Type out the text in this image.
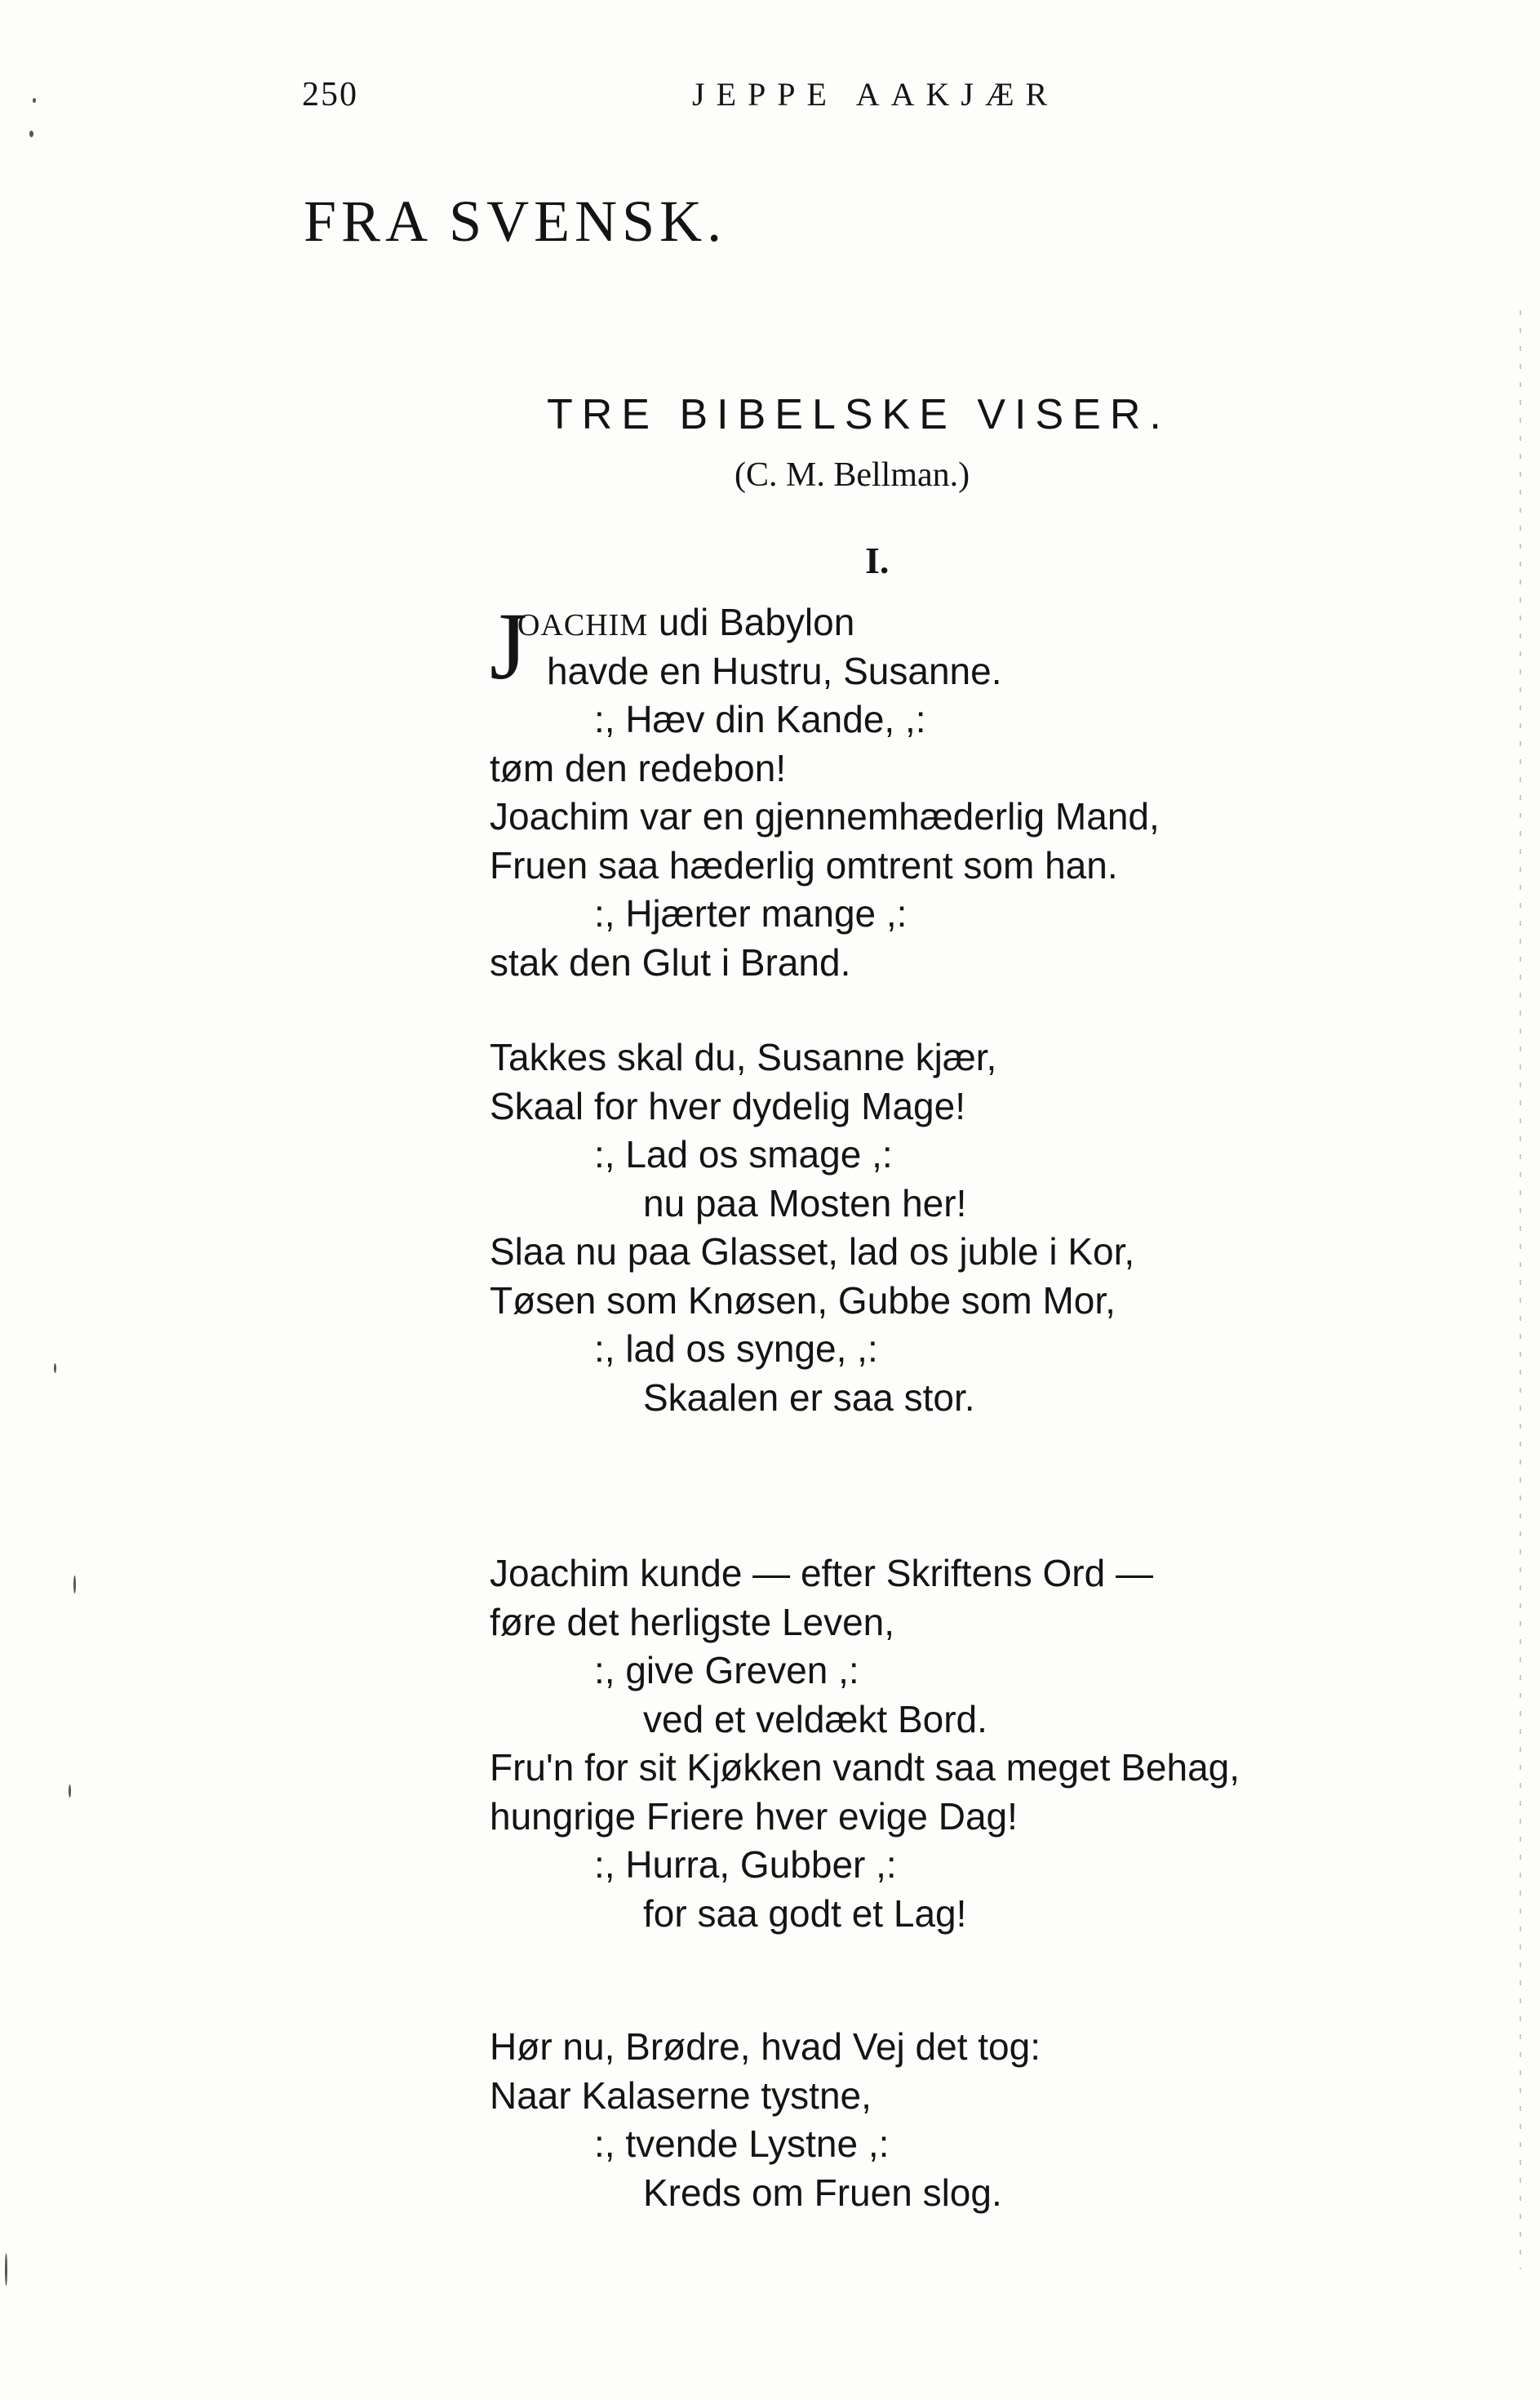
250	JEPPE AAKJÆR
FRA SVENSK.
TRE BIBELSKE VISER.
(C. M. Bellman.)
I.
J
OACHIM udi Babylon
havde en Hustru, Susanne.
:, Hæv din Kande, ,:
tøm den redebon!
Joachim var en gjennemhæderlig Mand,
Fruen saa hæderlig omtrent som han.
:, Hjærter mange ,:
stak den Glut i Brand.
Takkes skal du, Susanne kjær,
Skaal for hver dydelig Mage!
:, Lad os smage ,:
nu paa Mosten her!
Slaa nu paa Glasset, lad os juble i Kor,
Tøsen som Knøsen, Gubbe som Mor,
:, lad os synge, ,:
Skaalen er saa stor.
Joachim kunde — efter Skriftens Ord —
føre det herligste Leven,
:, give Greven ,:
ved et veldækt Bord.
Fru'n for sit Kjøkken vandt saa meget Behag,
hungrige Friere hver evige Dag!
:, Hurra, Gubber ,:
for saa godt et Lag!
Hør nu, Brødre, hvad Vej det tog:
Naar Kalaserne tystne,
:, tvende Lystne ,:
Kreds om Fruen slog.
